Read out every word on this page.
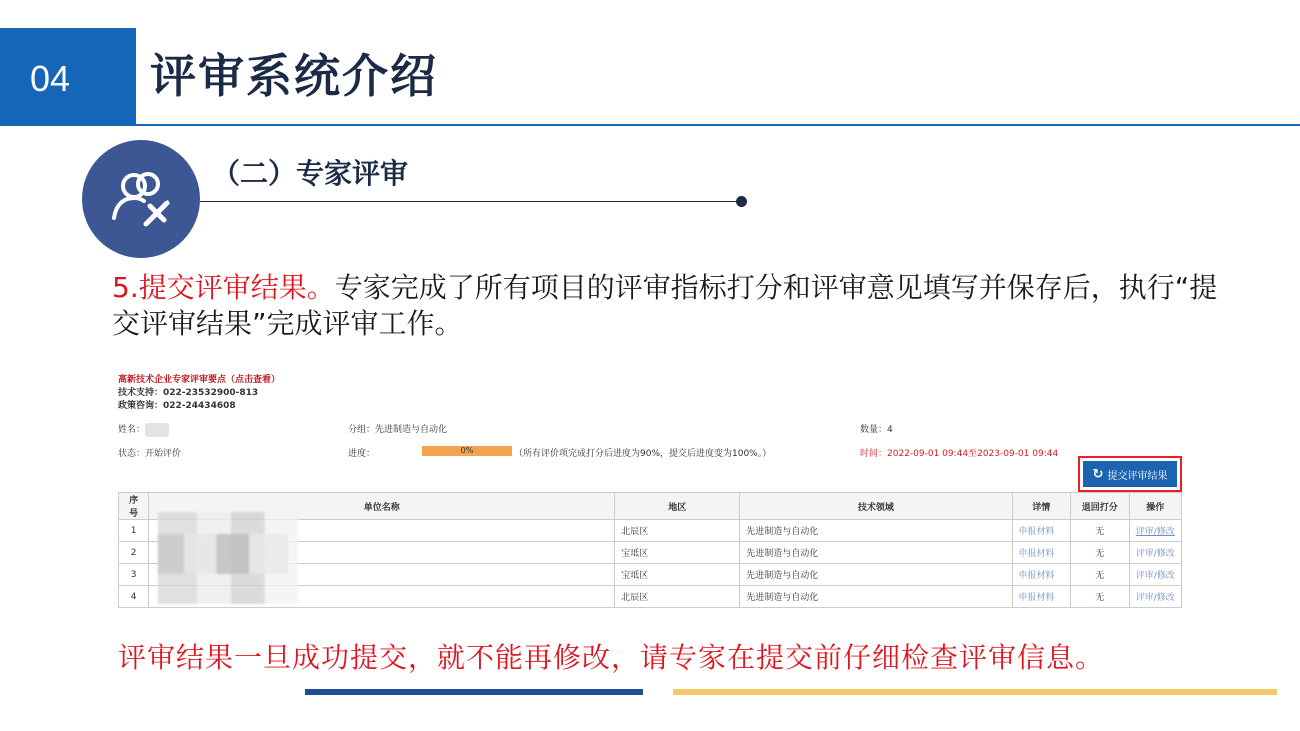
04 评审系统介绍
（二）专家评审
5.提交评审结果。专家完成了所有项目的评审指标打分和评审意见填写并保存后，执行“提交评审结果”完成评审工作。
高新技术企业专家评审要点（点击查看）
技术支持：022-23532900-813
政策咨询：022-24434608
姓名：	分组：先进制造与自动化	数量：4
状态：开始评价	进度：	0%	（所有评价项完成打分后进度为90%，提交后进度变为100%。）	时间：2022-09-01 09:44至2023-09-01 09:44
↻ 提交评审结果
序号	单位名称	地区	技术领域	详情	退回打分	操作
1		北辰区	先进制造与自动化	申报材料	无	评审/修改
2		宝坻区	先进制造与自动化	申报材料	无	评审/修改
3		宝坻区	先进制造与自动化	申报材料	无	评审/修改
4		北辰区	先进制造与自动化	申报材料	无	评审/修改
评审结果一旦成功提交，就不能再修改，请专家在提交前仔细检查评审信息。
